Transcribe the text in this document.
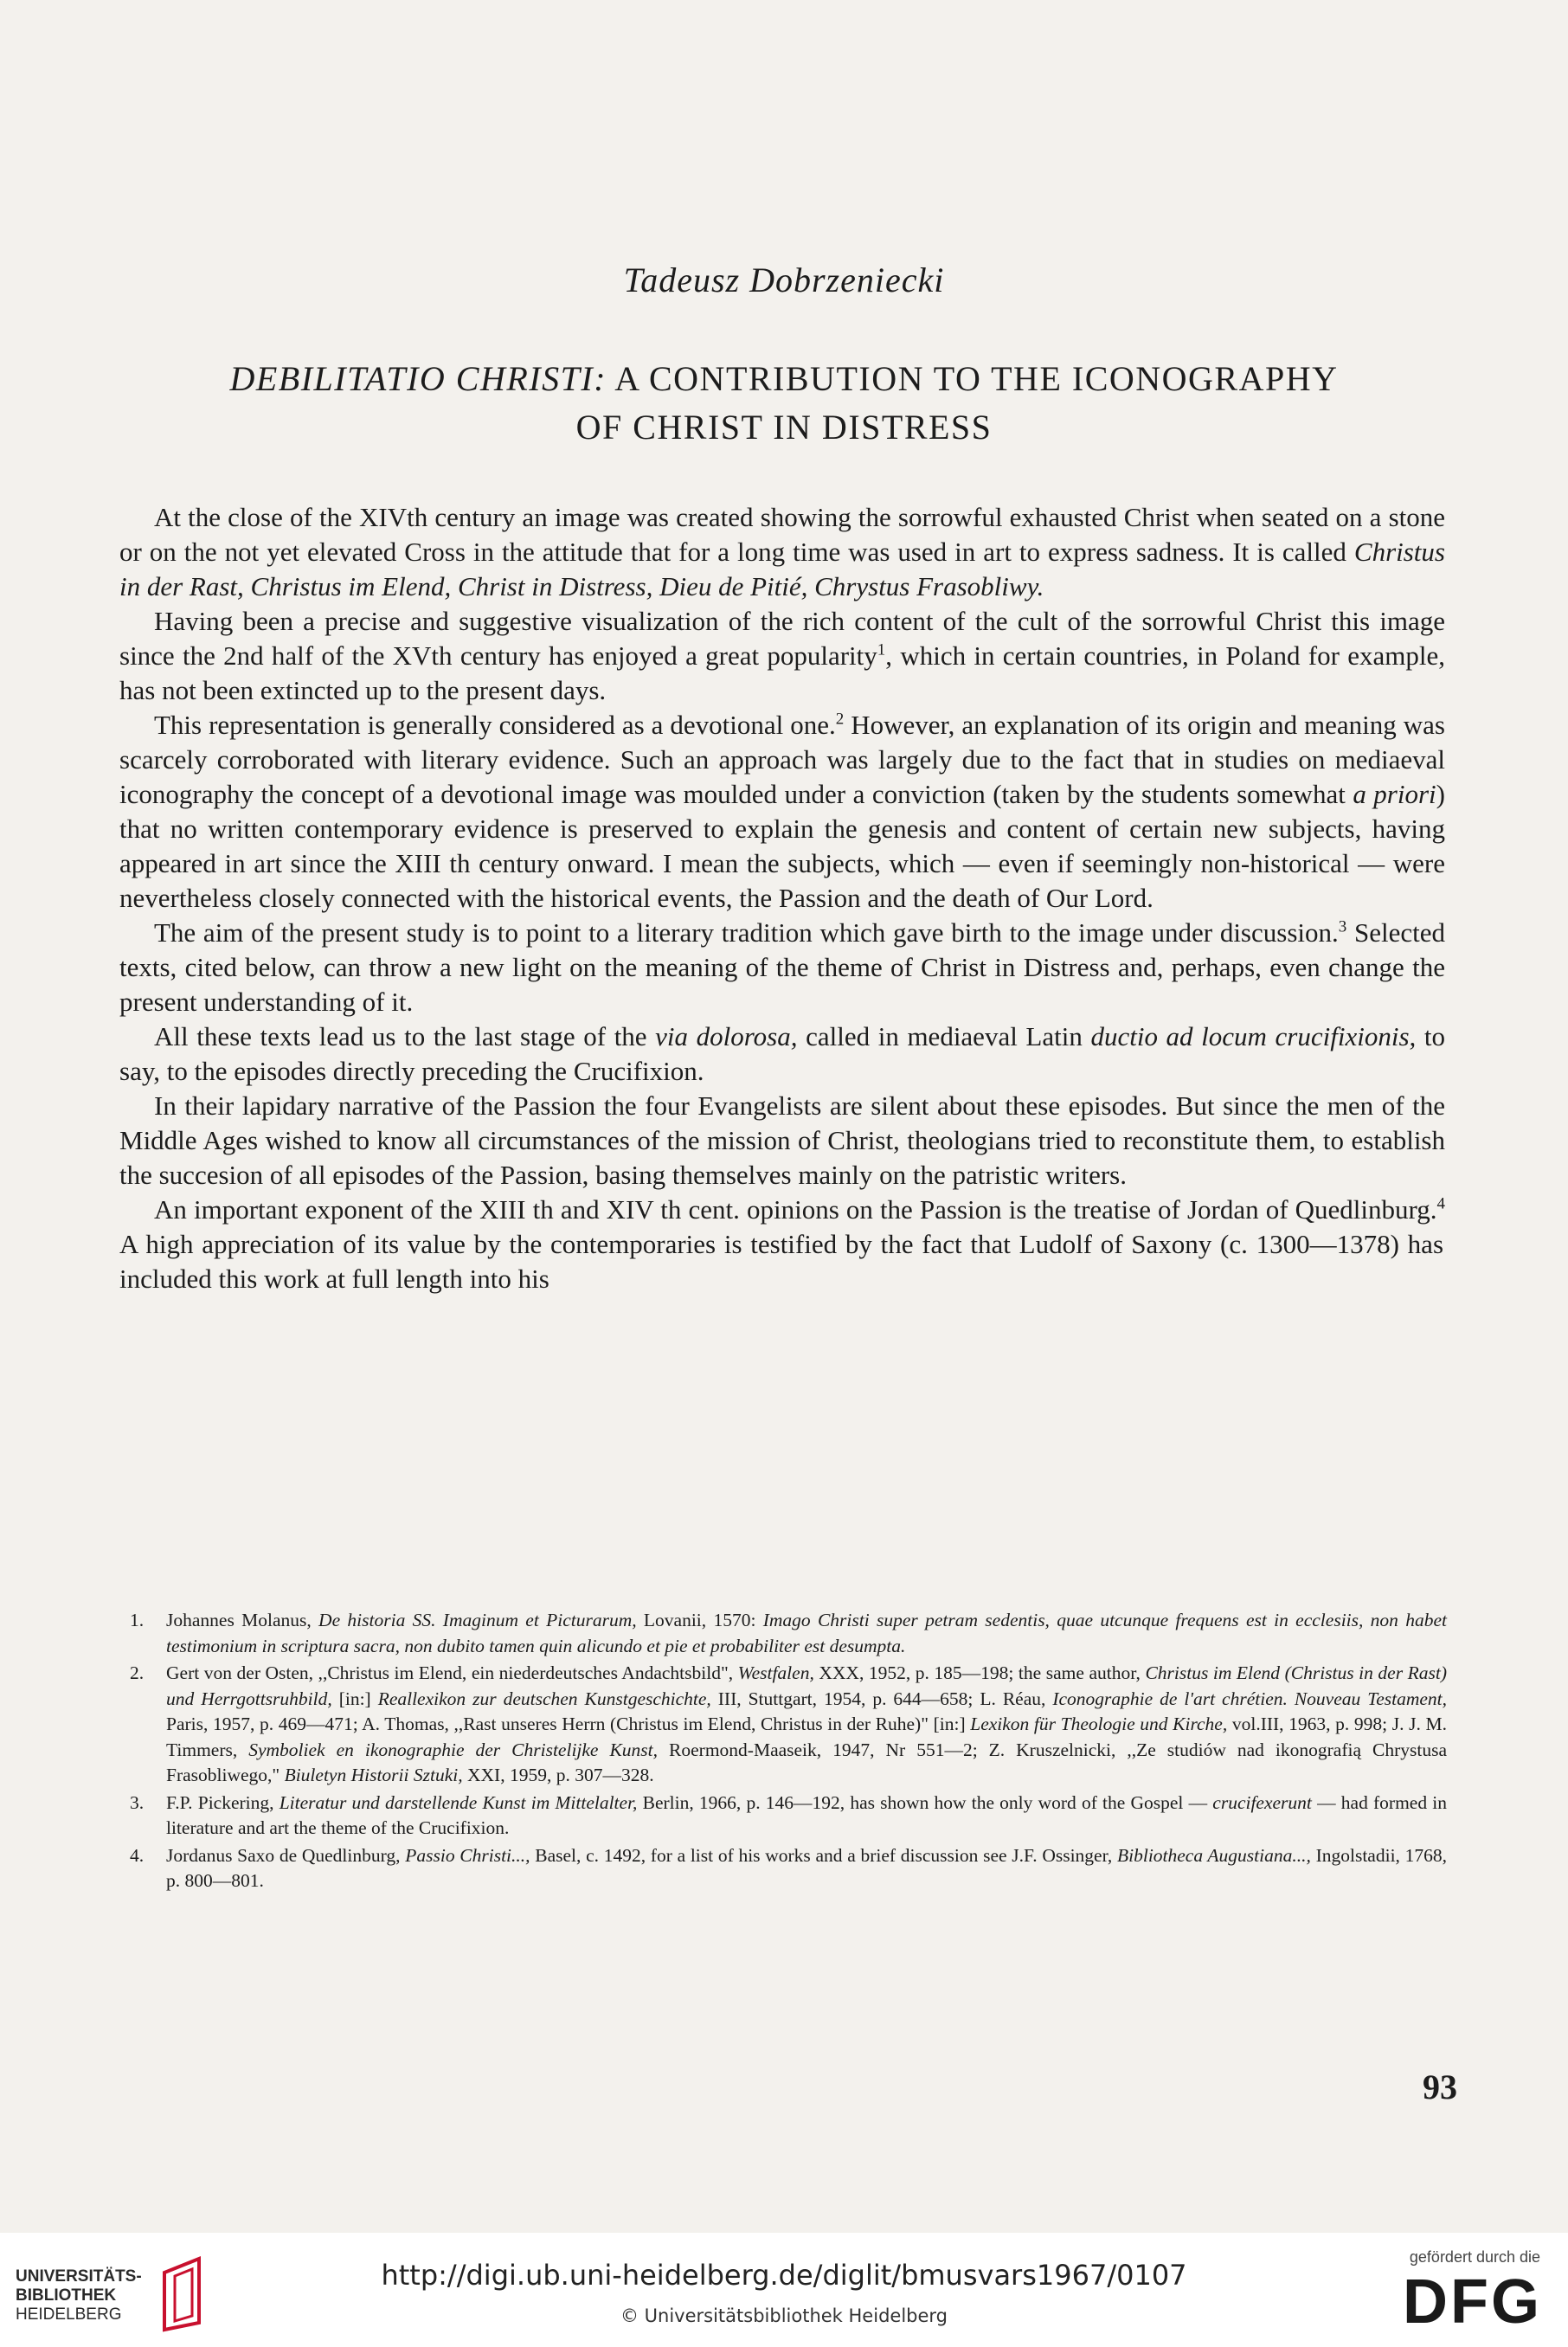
Tadeusz Dobrzeniecki
DEBILITATIO CHRISTI: A CONTRIBUTION TO THE ICONOGRAPHY
OF CHRIST IN DISTRESS

At the close of the XIVth century an image was created showing the sorrowful exhausted Christ when seated on a stone or on the not yet elevated Cross in the attitude that for a long time was used in art to express sadness. It is called Christus in der Rast, Christus im Elend, Christ in Distress, Dieu de Pitié, Chrystus Frasobliwy.

Having been a precise and suggestive visualization of the rich content of the cult of the sorrowful Christ this image since the 2nd half of the XVth century has enjoyed a great popularity$^1$, which in certain countries, in Poland for example, has not been extincted up to the present days.

This representation is generally considered as a devotional one.$^2$ However, an explanation of its origin and meaning was scarcely corroborated with literary evidence. Such an approach was largely due to the fact that in studies on mediaeval iconography the concept of a devotional image was moulded under a conviction (taken by the students somewhat a priori) that no written contemporary evidence is preserved to explain the genesis and content of certain new subjects, having appeared in art since the XIII th century onward. I mean the subjects, which — even if seemingly non-historical — were nevertheless closely connected with the historical events, the Passion and the death of Our Lord.

The aim of the present study is to point to a literary tradition which gave birth to the image under discussion.$^3$ Selected texts, cited below, can throw a new light on the meaning of the theme of Christ in Distress and, perhaps, even change the present understanding of it.

All these texts lead us to the last stage of the via dolorosa, called in mediaeval Latin ductio ad locum crucifixionis, to say, to the episodes directly preceding the Crucifixion.

In their lapidary narrative of the Passion the four Evangelists are silent about these episodes. But since the men of the Middle Ages wished to know all circumstances of the mission of Christ, theologians tried to reconstitute them, to establish the succesion of all episodes of the Passion, basing themselves mainly on the patristic writers.

An important exponent of the XIII th and XIV th cent. opinions on the Passion is the treatise of Jordan of Quedlinburg.$^4$ A high appreciation of its value by the contemporaries is testified by the fact that Ludolf of Saxony (c. 1300—1378) has included this work at full length into his

1. Johannes Molanus, De historia SS. Imaginum et Picturarum, Lovanii, 1570: Imago Christi super petram sedentis, quae utcunque frequens est in ecclesiis, non habet testimonium in scriptura sacra, non dubito tamen quin alicundo et pie et probabiliter est desumpta.
2. Gert von der Osten, ,,Christus im Elend, ein niederdeutsches Andachtsbild", Westfalen, XXX, 1952, p. 185—198; the same author, Christus im Elend (Christus in der Rast) und Herrgottsruhbild, [in:] Reallexikon zur deutschen Kunstgeschichte, III, Stuttgart, 1954, p. 644—658; L. Réau, Iconographie de l'art chrétien. Nouveau Testament, Paris, 1957, p. 469—471; A. Thomas, ,,Rast unseres Herrn (Christus im Elend, Christus in der Ruhe)" [in:] Lexikon für Theologie und Kirche, vol.III, 1963, p. 998; J. J. M. Timmers, Symboliek en ikonographie der Christelijke Kunst, Roermond-Maaseik, 1947, Nr 551—2; Z. Kruszelnicki, ,,Ze studiów nad ikonografią Chrystusa Frasobliwego," Biuletyn Historii Sztuki, XXI, 1959, p. 307—328.
3. F.P. Pickering, Literatur und darstellende Kunst im Mittelalter, Berlin, 1966, p. 146—192, has shown how the only word of the Gospel — crucifexerunt — had formed in literature and art the theme of the Crucifixion.
4. Jordanus Saxo de Quedlinburg, Passio Christi..., Basel, c. 1492, for a list of his works and a brief discussion see J.F. Ossinger, Bibliotheca Augustiana..., Ingolstadii, 1768, p. 800—801.
93
UNIVERSITÄTS-
BIBLIOTHEK
HEIDELBERG
http://digi.ub.uni-heidelberg.de/diglit/bmusvars1967/0107
© Universitätsbibliothek Heidelberg
gefördert durch die
DFG
